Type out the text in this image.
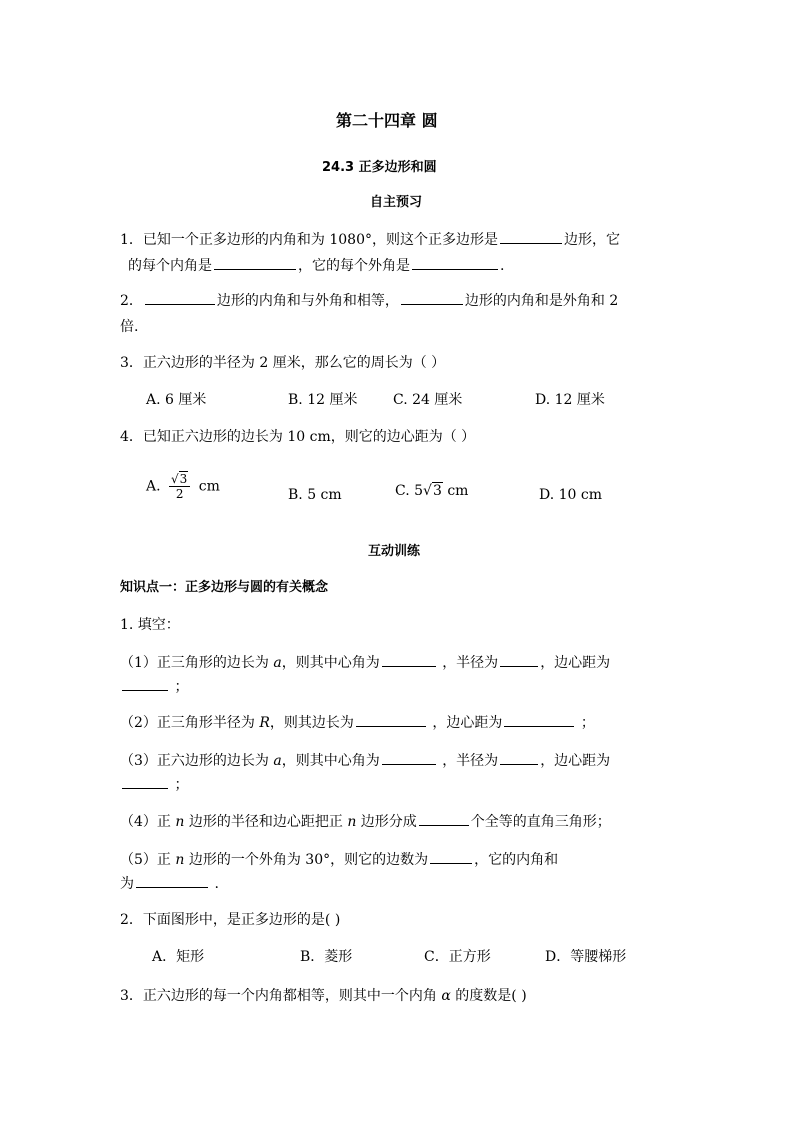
第二十四章 圆
24.3 正多边形和圆
自主预习
1．已知一个正多边形的内角和为 1080°，则这个正多边形是	边形，它
的每个内角是	，它的每个外角是	.
2．	边形的内角和与外角和相等，	边形的内角和是外角和 2
倍.
3．正六边形的半径为 2 厘米，那么它的周长为（ ）
A. 6 厘米	B. 12 厘米	C. 24 厘米	D. 12 厘米
4．已知正六边形的边长为 10 cm，则它的边心距为（ ）
A. $\frac{√3}{2}$ cm
B. 5 cm	C. 5√3 cm	D. 10 cm
互动训练
知识点一：正多边形与圆的有关概念
1. 填空：
（1）正三角形的边长为 a，则其中心角为	，半径为	，边心距为
；
（2）正三角形半径为 R，则其边长为	，边心距为	；
（3）正六边形的边长为 a，则其中心角为	，半径为	，边心距为
；
（4）正 n 边形的半径和边心距把正 n 边形分成	个全等的直角三角形；
（5）正 n 边形的一个外角为 30°，则它的边数为	，它的内角和
为	.
2．下面图形中，是正多边形的是( )
A．矩形	B．菱形	C．正方形	D．等腰梯形
3．正六边形的每一个内角都相等，则其中一个内角 α 的度数是( )
